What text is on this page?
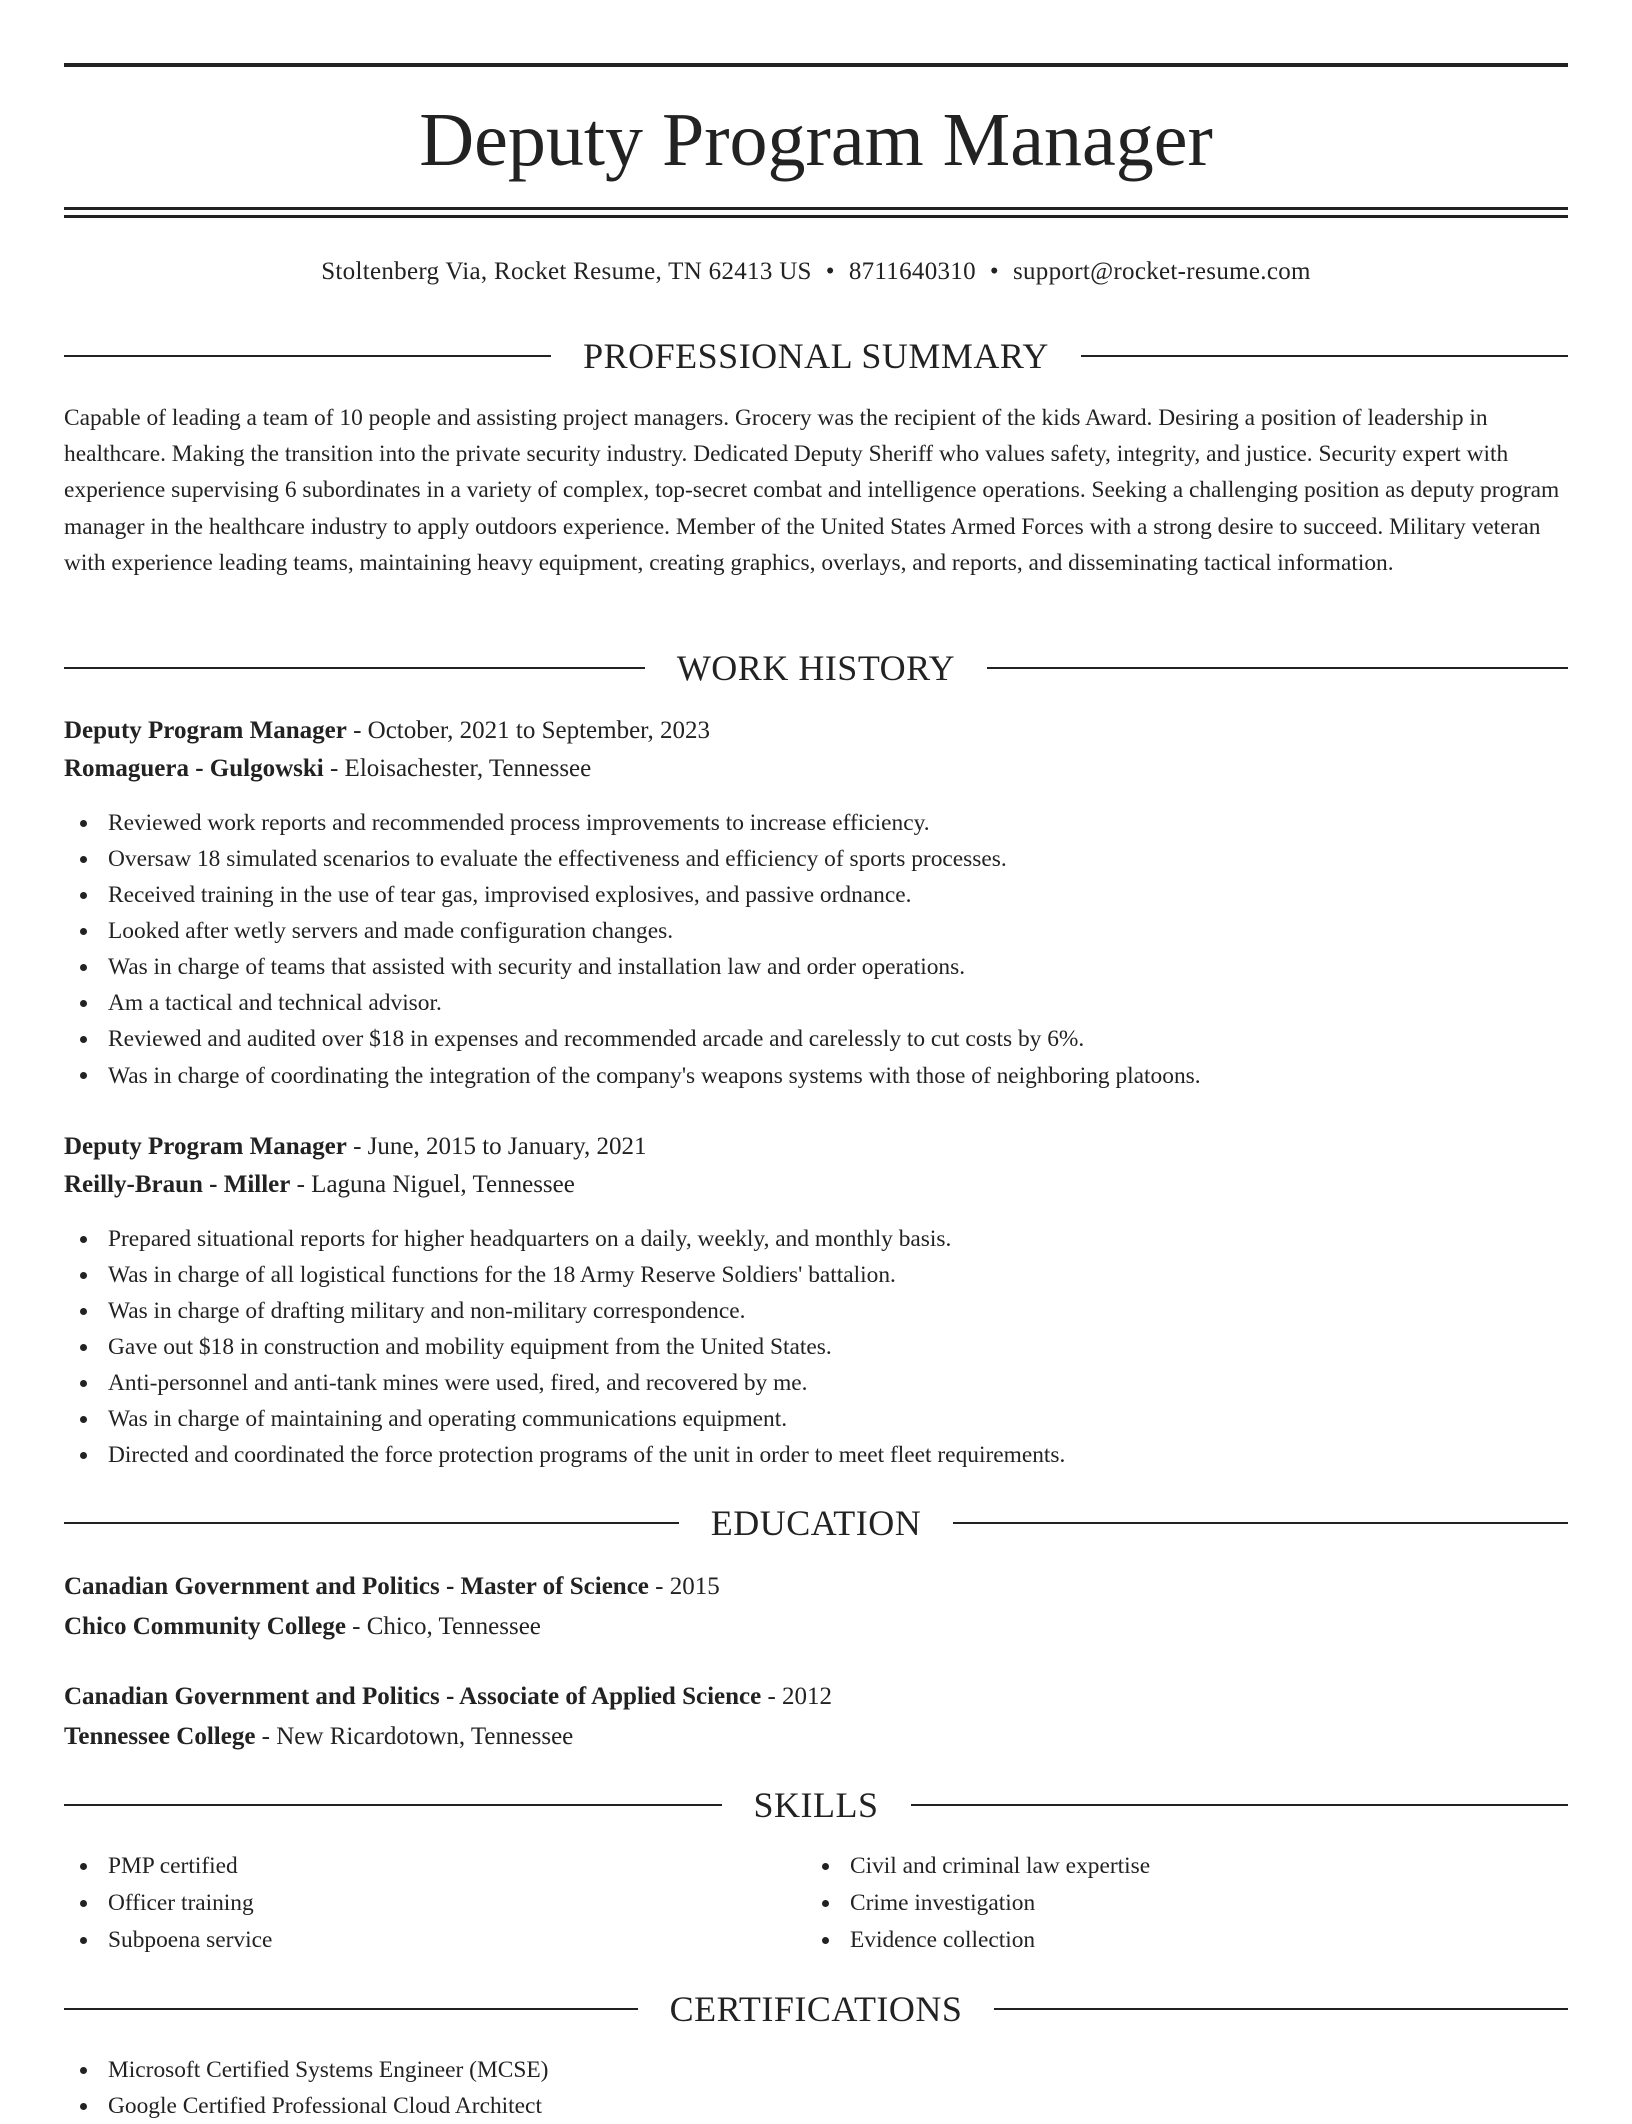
Deputy Program Manager
Stoltenberg Via, Rocket Resume, TN 62413 US • 8711640310 • support@rocket-resume.com
PROFESSIONAL SUMMARY

Capable of leading a team of 10 people and assisting project managers. Grocery was the recipient of the kids Award. Desiring a position of leadership in healthcare. Making the transition into the private security industry. Dedicated Deputy Sheriff who values safety, integrity, and justice. Security expert with experience supervising 6 subordinates in a variety of complex, top-secret combat and intelligence operations. Seeking a challenging position as deputy program manager in the healthcare industry to apply outdoors experience. Member of the United States Armed Forces with a strong desire to succeed. Military veteran with experience leading teams, maintaining heavy equipment, creating graphics, overlays, and reports, and disseminating tactical information.

WORK HISTORY
Deputy Program Manager - October, 2021 to September, 2023
Romaguera - Gulgowski - Eloisachester, Tennessee
Reviewed work reports and recommended process improvements to increase efficiency.
Oversaw 18 simulated scenarios to evaluate the effectiveness and efficiency of sports processes.
Received training in the use of tear gas, improvised explosives, and passive ordnance.
Looked after wetly servers and made configuration changes.
Was in charge of teams that assisted with security and installation law and order operations.
Am a tactical and technical advisor.
Reviewed and audited over $18 in expenses and recommended arcade and carelessly to cut costs by 6%.
Was in charge of coordinating the integration of the company's weapons systems with those of neighboring platoons.
Deputy Program Manager - June, 2015 to January, 2021
Reilly-Braun - Miller - Laguna Niguel, Tennessee
Prepared situational reports for higher headquarters on a daily, weekly, and monthly basis.
Was in charge of all logistical functions for the 18 Army Reserve Soldiers' battalion.
Was in charge of drafting military and non-military correspondence.
Gave out $18 in construction and mobility equipment from the United States.
Anti-personnel and anti-tank mines were used, fired, and recovered by me.
Was in charge of maintaining and operating communications equipment.
Directed and coordinated the force protection programs of the unit in order to meet fleet requirements.
EDUCATION
Canadian Government and Politics - Master of Science - 2015
Chico Community College - Chico, Tennessee
Canadian Government and Politics - Associate of Applied Science - 2012
Tennessee College - New Ricardotown, Tennessee
SKILLS
PMP certified
Officer training
Subpoena service
Civil and criminal law expertise
Crime investigation
Evidence collection
CERTIFICATIONS
Microsoft Certified Systems Engineer (MCSE)
Google Certified Professional Cloud Architect
